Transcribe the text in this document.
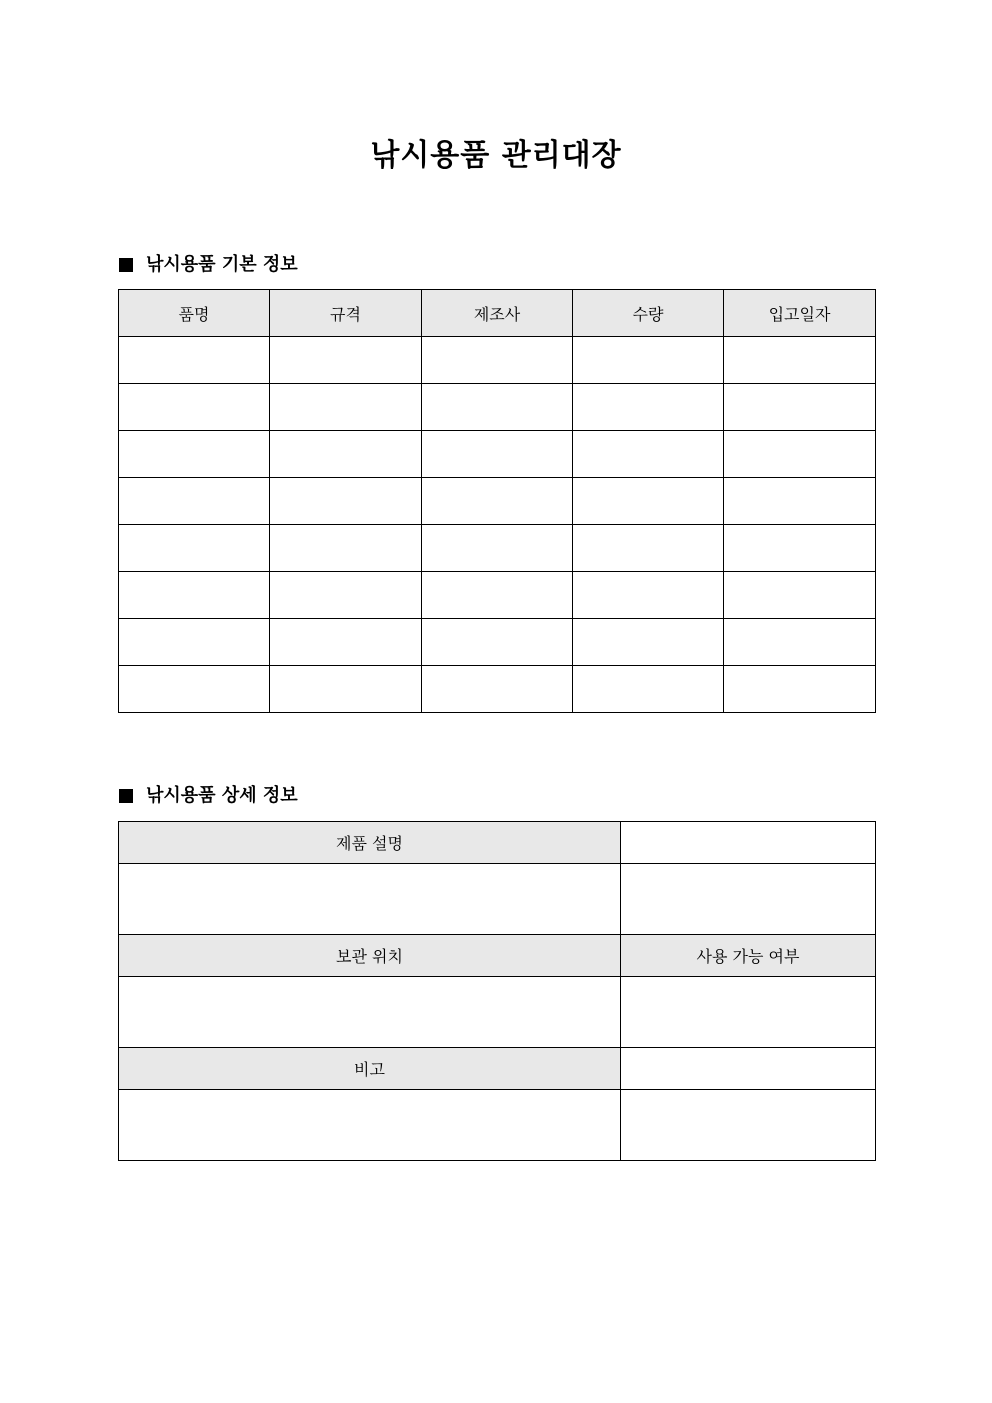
낚시용품 관리대장
낚시용품 기본 정보
품명	규격	제조사	수량	입고일자

낚시용품 상세 정보
제품 설명	

보관 위치	사용 가능 여부

비고	
